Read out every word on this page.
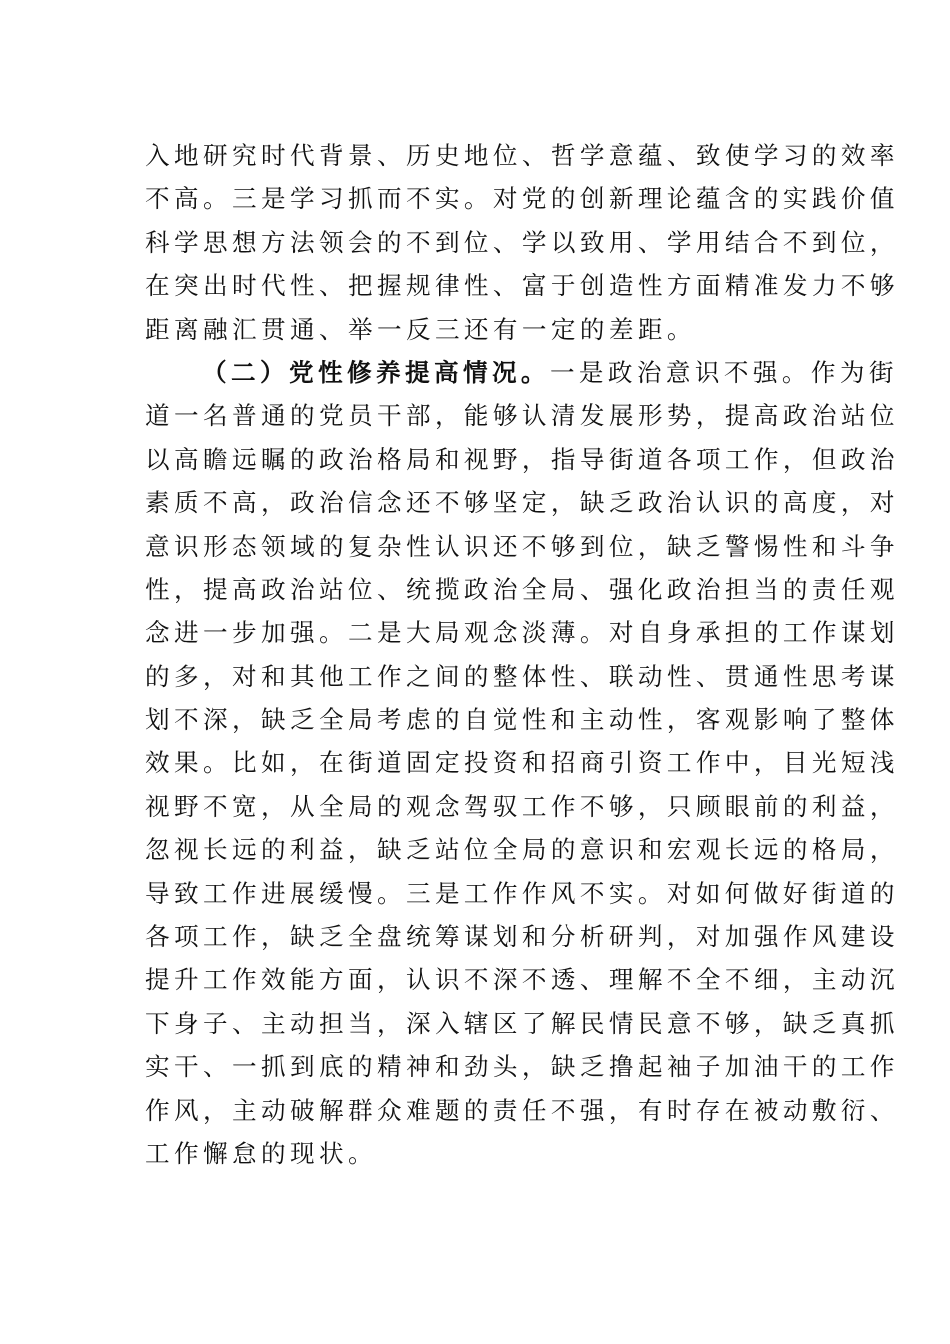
入地研究时代背景、历史地位、哲学意蕴、致使学习的效率
不高。三是学习抓而不实。对党的创新理论蕴含的实践价值
科学思想方法领会的不到位、学以致用、学用结合不到位，
在突出时代性、把握规律性、富于创造性方面精准发力不够
距离融汇贯通、举一反三还有一定的差距。
（二）党性修养提高情况。一是政治意识不强。作为街
道一名普通的党员干部，能够认清发展形势，提高政治站位
以高瞻远瞩的政治格局和视野，指导街道各项工作，但政治
素质不高，政治信念还不够坚定，缺乏政治认识的高度，对
意识形态领域的复杂性认识还不够到位，缺乏警惕性和斗争
性，提高政治站位、统揽政治全局、强化政治担当的责任观
念进一步加强。二是大局观念淡薄。对自身承担的工作谋划
的多，对和其他工作之间的整体性、联动性、贯通性思考谋
划不深，缺乏全局考虑的自觉性和主动性，客观影响了整体
效果。比如，在街道固定投资和招商引资工作中，目光短浅
视野不宽，从全局的观念驾驭工作不够，只顾眼前的利益，
忽视长远的利益，缺乏站位全局的意识和宏观长远的格局，
导致工作进展缓慢。三是工作作风不实。对如何做好街道的
各项工作，缺乏全盘统筹谋划和分析研判，对加强作风建设
提升工作效能方面，认识不深不透、理解不全不细，主动沉
下身子、主动担当，深入辖区了解民情民意不够，缺乏真抓
实干、一抓到底的精神和劲头，缺乏撸起袖子加油干的工作
作风，主动破解群众难题的责任不强，有时存在被动敷衍、
工作懈怠的现状。
